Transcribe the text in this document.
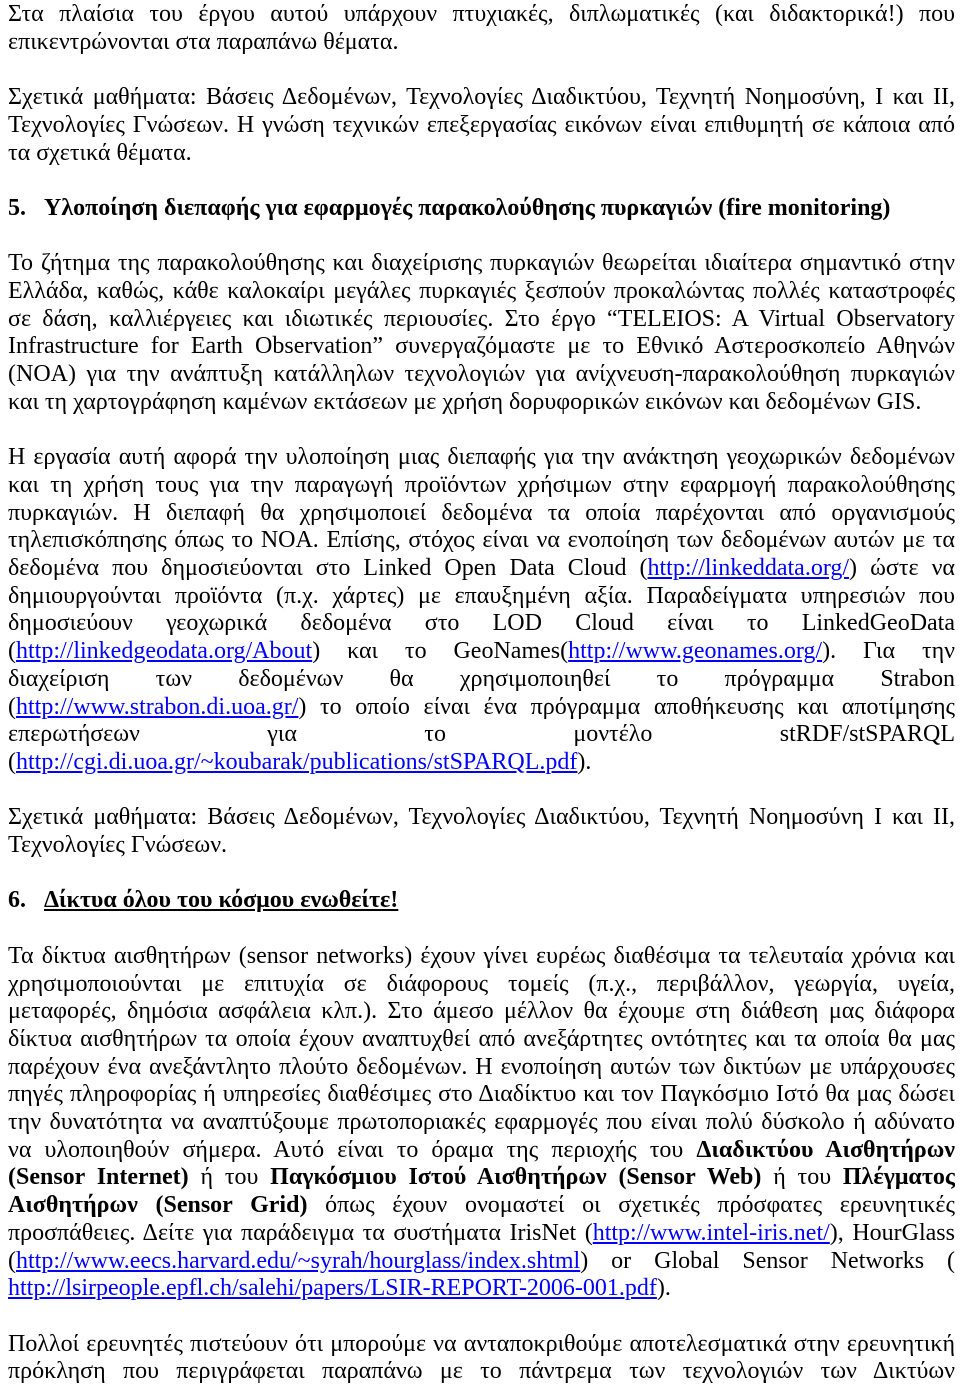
Στα πλαίσια του έργου αυτού υπάρχουν πτυχιακές, διπλωματικές (και διδακτορικά!) που
επικεντρώνονται στα παραπάνω θέματα.
Σχετικά μαθήματα: Βάσεις Δεδομένων, Τεχνολογίες Διαδικτύου, Τεχνητή Νοημοσύνη, I και II,
Τεχνολογίες Γνώσεων. Η γνώση τεχνικών επεξεργασίας εικόνων είναι επιθυμητή σε κάποια από
τα σχετικά θέματα.
5. Υλοποίηση διεπαφής για εφαρμογές παρακολούθησης πυρκαγιών (fire monitoring)
Το ζήτημα της παρακολούθησης και διαχείρισης πυρκαγιών θεωρείται ιδιαίτερα σημαντικό στην
Ελλάδα, καθώς, κάθε καλοκαίρι μεγάλες πυρκαγιές ξεσπούν προκαλώντας πολλές καταστροφές
σε δάση, καλλιέργειες και ιδιωτικές περιουσίες. Στο έργο “TELEIOS: A Virtual Observatory
Infrastructure for Earth Observation” συνεργαζόμαστε με το Εθνικό Αστεροσκοπείο Αθηνών
(NOA) για την ανάπτυξη κατάλληλων τεχνολογιών για ανίχνευση-παρακολούθηση πυρκαγιών
και τη χαρτογράφηση καμένων εκτάσεων με χρήση δορυφορικών εικόνων και δεδομένων GIS.
Η εργασία αυτή αφορά την υλοποίηση μιας διεπαφής για την ανάκτηση γεοχωρικών δεδομένων
και τη χρήση τους για την παραγωγή προϊόντων χρήσιμων στην εφαρμογή παρακολούθησης
πυρκαγιών. Η διεπαφή θα χρησιμοποιεί δεδομένα τα οποία παρέχονται από οργανισμούς
τηλεπισκόπησης όπως το NOA. Επίσης, στόχος είναι να ενοποίηση των δεδομένων αυτών με τα
δεδομένα που δημοσιεύονται στο Linked Open Data Cloud (http://linkeddata.org/) ώστε να
δημιουργούνται προϊόντα (π.χ. χάρτες) με επαυξημένη αξία. Παραδείγματα υπηρεσιών που
δημοσιεύουν γεοχωρικά δεδομένα στο LOD Cloud είναι το LinkedGeoData
(http://linkedgeodata.org/About) και το GeoNames(http://www.geonames.org/). Για την
διαχείριση των δεδομένων θα χρησιμοποιηθεί το πρόγραμμα Strabon
(http://www.strabon.di.uoa.gr/) το οποίο είναι ένα πρόγραμμα αποθήκευσης και αποτίμησης
επερωτήσεων για το μοντέλο stRDF/stSPARQL
(http://cgi.di.uoa.gr/~koubarak/publications/stSPARQL.pdf).
Σχετικά μαθήματα: Βάσεις Δεδομένων, Τεχνολογίες Διαδικτύου, Τεχνητή Νοημοσύνη I και II,
Τεχνολογίες Γνώσεων.
6. Δίκτυα όλου του κόσμου ενωθείτε!
Τα δίκτυα αισθητήρων (sensor networks) έχουν γίνει ευρέως διαθέσιμα τα τελευταία χρόνια και
χρησιμοποιούνται με επιτυχία σε διάφορους τομείς (π.χ., περιβάλλον, γεωργία, υγεία,
μεταφορές, δημόσια ασφάλεια κλπ.). Στο άμεσο μέλλον θα έχουμε στη διάθεση μας διάφορα
δίκτυα αισθητήρων τα οποία έχουν αναπτυχθεί από ανεξάρτητες οντότητες και τα οποία θα μας
παρέχουν ένα ανεξάντλητο πλούτο δεδομένων. Η ενοποίηση αυτών των δικτύων με υπάρχουσες
πηγές πληροφορίας ή υπηρεσίες διαθέσιμες στο Διαδίκτυο και τον Παγκόσμιο Ιστό θα μας δώσει
την δυνατότητα να αναπτύξουμε πρωτοποριακές εφαρμογές που είναι πολύ δύσκολο ή αδύνατο
να υλοποιηθούν σήμερα. Αυτό είναι το όραμα της περιοχής του Διαδικτύου Αισθητήρων
(Sensor Internet) ή του Παγκόσμιου Ιστού Αισθητήρων (Sensor Web) ή του Πλέγματος
Αισθητήρων (Sensor Grid) όπως έχουν ονομαστεί οι σχετικές πρόσφατες ερευνητικές
προσπάθειες. Δείτε για παράδειγμα τα συστήματα IrisNet (http://www.intel-iris.net/), HourGlass
(http://www.eecs.harvard.edu/~syrah/hourglass/index.shtml) or Global Sensor Networks (
http://lsirpeople.epfl.ch/salehi/papers/LSIR-REPORT-2006-001.pdf).
Πολλοί ερευνητές πιστεύουν ότι μπορούμε να ανταποκριθούμε αποτελεσματικά στην ερευνητική
πρόκληση που περιγράφεται παραπάνω με το πάντρεμα των τεχνολογιών των Δικτύων
